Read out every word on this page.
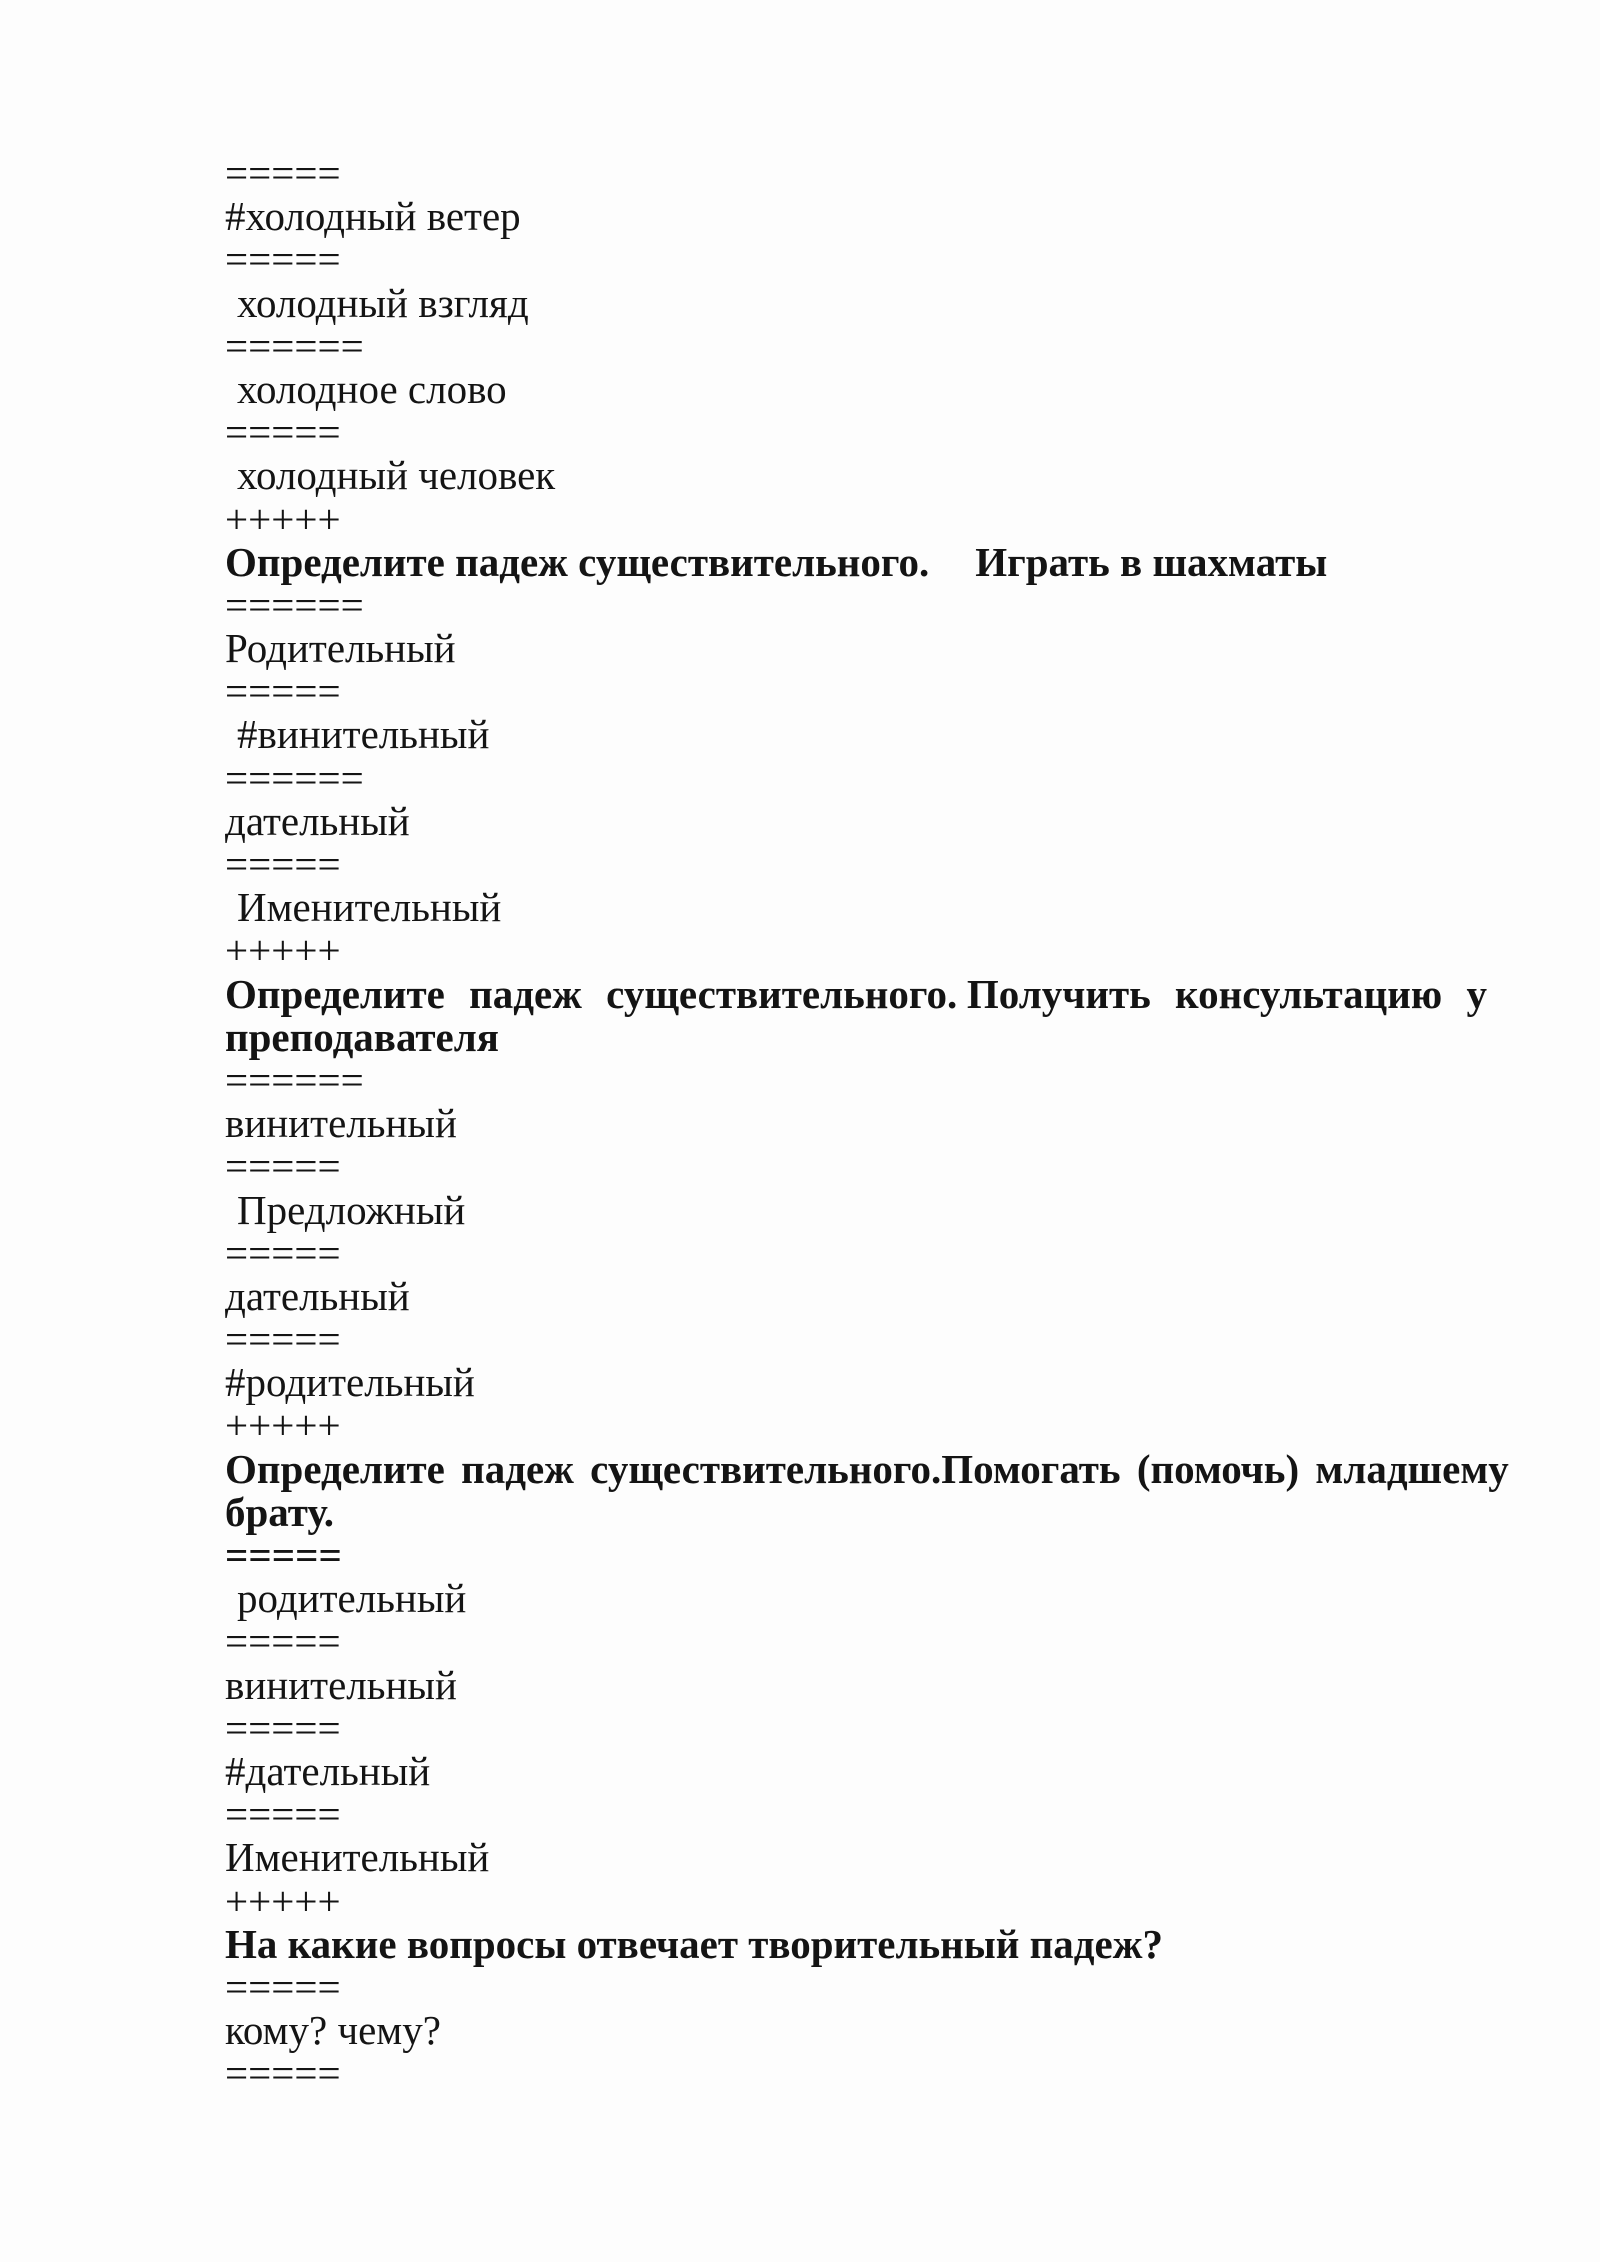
=====
#холодный ветер
=====
холодный взгляд
======
холодное слово
=====
холодный человек
+++++
Определите падеж существительного. Играть в шахматы
======
Родительный
=====
#винительный
======
дательный
=====
Именительный
+++++
Определите падеж существительного. Получить консультацию у
преподавателя
======
винительный
=====
Предложный
=====
дательный
=====
#родительный
+++++
Определите падеж существительного. Помогать (помочь) младшему
брату.
=====
родительный
=====
винительный
=====
#дательный
=====
Именительный
+++++
На какие вопросы отвечает творительный падеж?
=====
кому? чему?
=====
